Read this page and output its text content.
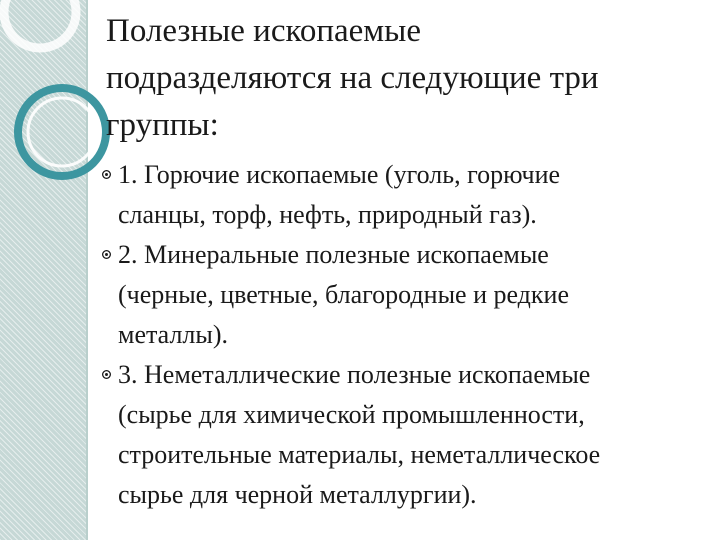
Полезные ископаемые
подразделяются на следующие три
группы:
1. Горючие ископаемые (уголь, горючие
сланцы, торф, нефть, природный газ).
2. Минеральные полезные ископаемые
(черные, цветные, благородные и редкие
металлы).
3. Неметаллические полезные ископаемые
(сырье для химической промышленности,
строительные материалы, неметаллическое
сырье для черной металлургии).
